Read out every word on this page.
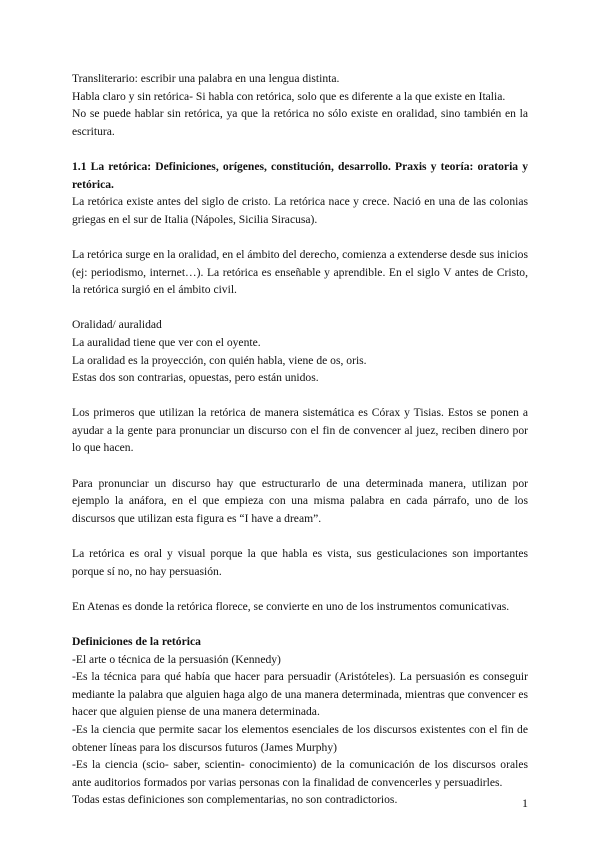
Transliterario: escribir una palabra en una lengua distinta.

Habla claro y sin retórica- Si habla con retórica, solo que es diferente a la que existe en Italia.

No se puede hablar sin retórica, ya que la retórica no sólo existe en oralidad, sino también en la escritura.

1.1 La retórica: Definiciones, orígenes, constitución, desarrollo. Praxis y teoría: oratoria y retórica.

La retórica existe antes del siglo de cristo. La retórica nace y crece. Nació en una de las colonias griegas en el sur de Italia (Nápoles, Sicilia Siracusa).

La retórica surge en la oralidad, en el ámbito del derecho, comienza a extenderse desde sus inicios (ej: periodismo, internet…). La retórica es enseñable y aprendible. En el siglo V antes de Cristo, la retórica surgió en el ámbito civil.

Oralidad/ auralidad

La auralidad tiene que ver con el oyente.

La oralidad es la proyección, con quién habla, viene de os, oris.

Estas dos son contrarias, opuestas, pero están unidos.

Los primeros que utilizan la retórica de manera sistemática es Córax y Tisias. Estos se ponen a ayudar a la gente para pronunciar un discurso con el fin de convencer al juez, reciben dinero por lo que hacen.

Para pronunciar un discurso hay que estructurarlo de una determinada manera, utilizan por ejemplo la anáfora, en el que empieza con una misma palabra en cada párrafo, uno de los discursos que utilizan esta figura es “I have a dream”.

La retórica es oral y visual porque la que habla es vista, sus gesticulaciones son importantes porque sí no, no hay persuasión.

En Atenas es donde la retórica florece, se convierte en uno de los instrumentos comunicativas.

Definiciones de la retórica

-El arte o técnica de la persuasión (Kennedy)

-Es la técnica para qué había que hacer para persuadir (Aristóteles). La persuasión es conseguir mediante la palabra que alguien haga algo de una manera determinada, mientras que convencer es hacer que alguien piense de una manera determinada.

-Es la ciencia que permite sacar los elementos esenciales de los discursos existentes con el fin de obtener líneas para los discursos futuros (James Murphy)

-Es la ciencia (scio- saber, scientin- conocimiento) de la comunicación de los discursos orales ante auditorios formados por varias personas con la finalidad de convencerles y persuadirles.

Todas estas definiciones son complementarias, no son contradictorios.	1
